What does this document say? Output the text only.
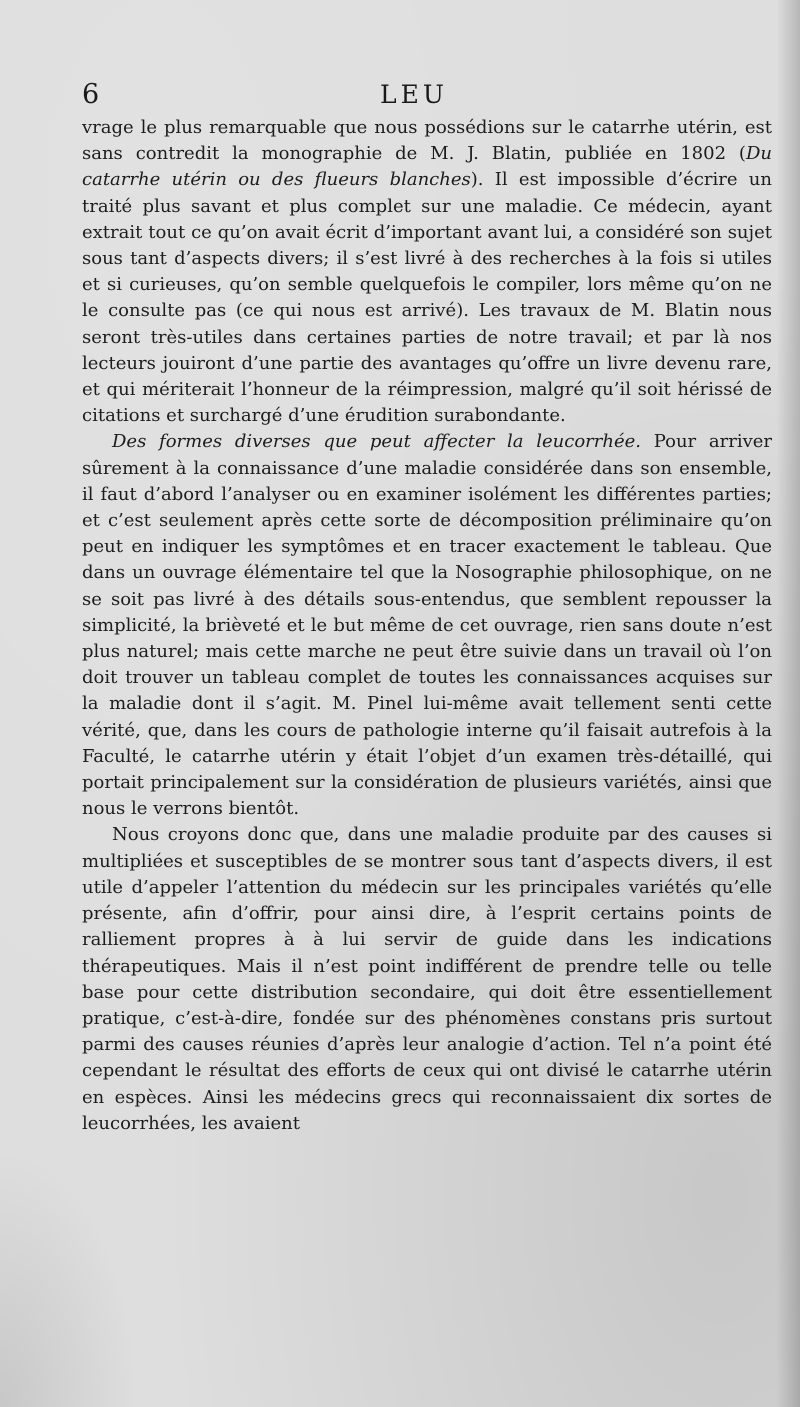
6	LEU

vrage le plus remarquable que nous possédions sur le catarrhe utérin, est sans contredit la monographie de M. J. Blatin, publiée en 1802 (Du catarrhe utérin ou des flueurs blanches). Il est impossible d’écrire un traité plus savant et plus complet sur une maladie. Ce médecin, ayant extrait tout ce qu’on avait écrit d’important avant lui, a considéré son sujet sous tant d’aspects divers; il s’est livré à des recherches à la fois si utiles et si curieuses, qu’on semble quelquefois le compiler, lors même qu’on ne le consulte pas (ce qui nous est arrivé). Les travaux de M. Blatin nous seront très-utiles dans certaines parties de notre travail; et par là nos lecteurs jouiront d’une partie des avantages qu’offre un livre devenu rare, et qui mériterait l’honneur de la réimpression, malgré qu’il soit hérissé de citations et surchargé d’une érudition surabondante.

Des formes diverses que peut affecter la leucorrhée. Pour arriver sûrement à la connaissance d’une maladie considérée dans son ensemble, il faut d’abord l’analyser ou en examiner isolément les différentes parties; et c’est seulement après cette sorte de décomposition préliminaire qu’on peut en indiquer les symptômes et en tracer exactement le tableau. Que dans un ouvrage élémentaire tel que la Nosographie philosophique, on ne se soit pas livré à des détails sous-entendus, que semblent repousser la simplicité, la brièveté et le but même de cet ouvrage, rien sans doute n’est plus naturel; mais cette marche ne peut être suivie dans un travail où l’on doit trouver un tableau complet de toutes les connaissances acquises sur la maladie dont il s’agit. M. Pinel lui-même avait tellement senti cette vérité, que, dans les cours de pathologie interne qu’il faisait autrefois à la Faculté, le catarrhe utérin y était l’objet d’un examen très-détaillé, qui portait principalement sur la considération de plusieurs variétés, ainsi que nous le verrons bientôt.

Nous croyons donc que, dans une maladie produite par des causes si multipliées et susceptibles de se montrer sous tant d’aspects divers, il est utile d’appeler l’attention du médecin sur les principales variétés qu’elle présente, afin d’offrir, pour ainsi dire, à l’esprit certains points de ralliement propres à à lui servir de guide dans les indications thérapeutiques. Mais il n’est point indifférent de prendre telle ou telle base pour cette distribution secondaire, qui doit être essentiellement pratique, c’est-à-dire, fondée sur des phénomènes constans pris surtout parmi des causes réunies d’après leur analogie d’action. Tel n’a point été cependant le résultat des efforts de ceux qui ont divisé le catarrhe utérin en espèces. Ainsi les médecins grecs qui reconnaissaient dix sortes de leucorrhées, les avaient
